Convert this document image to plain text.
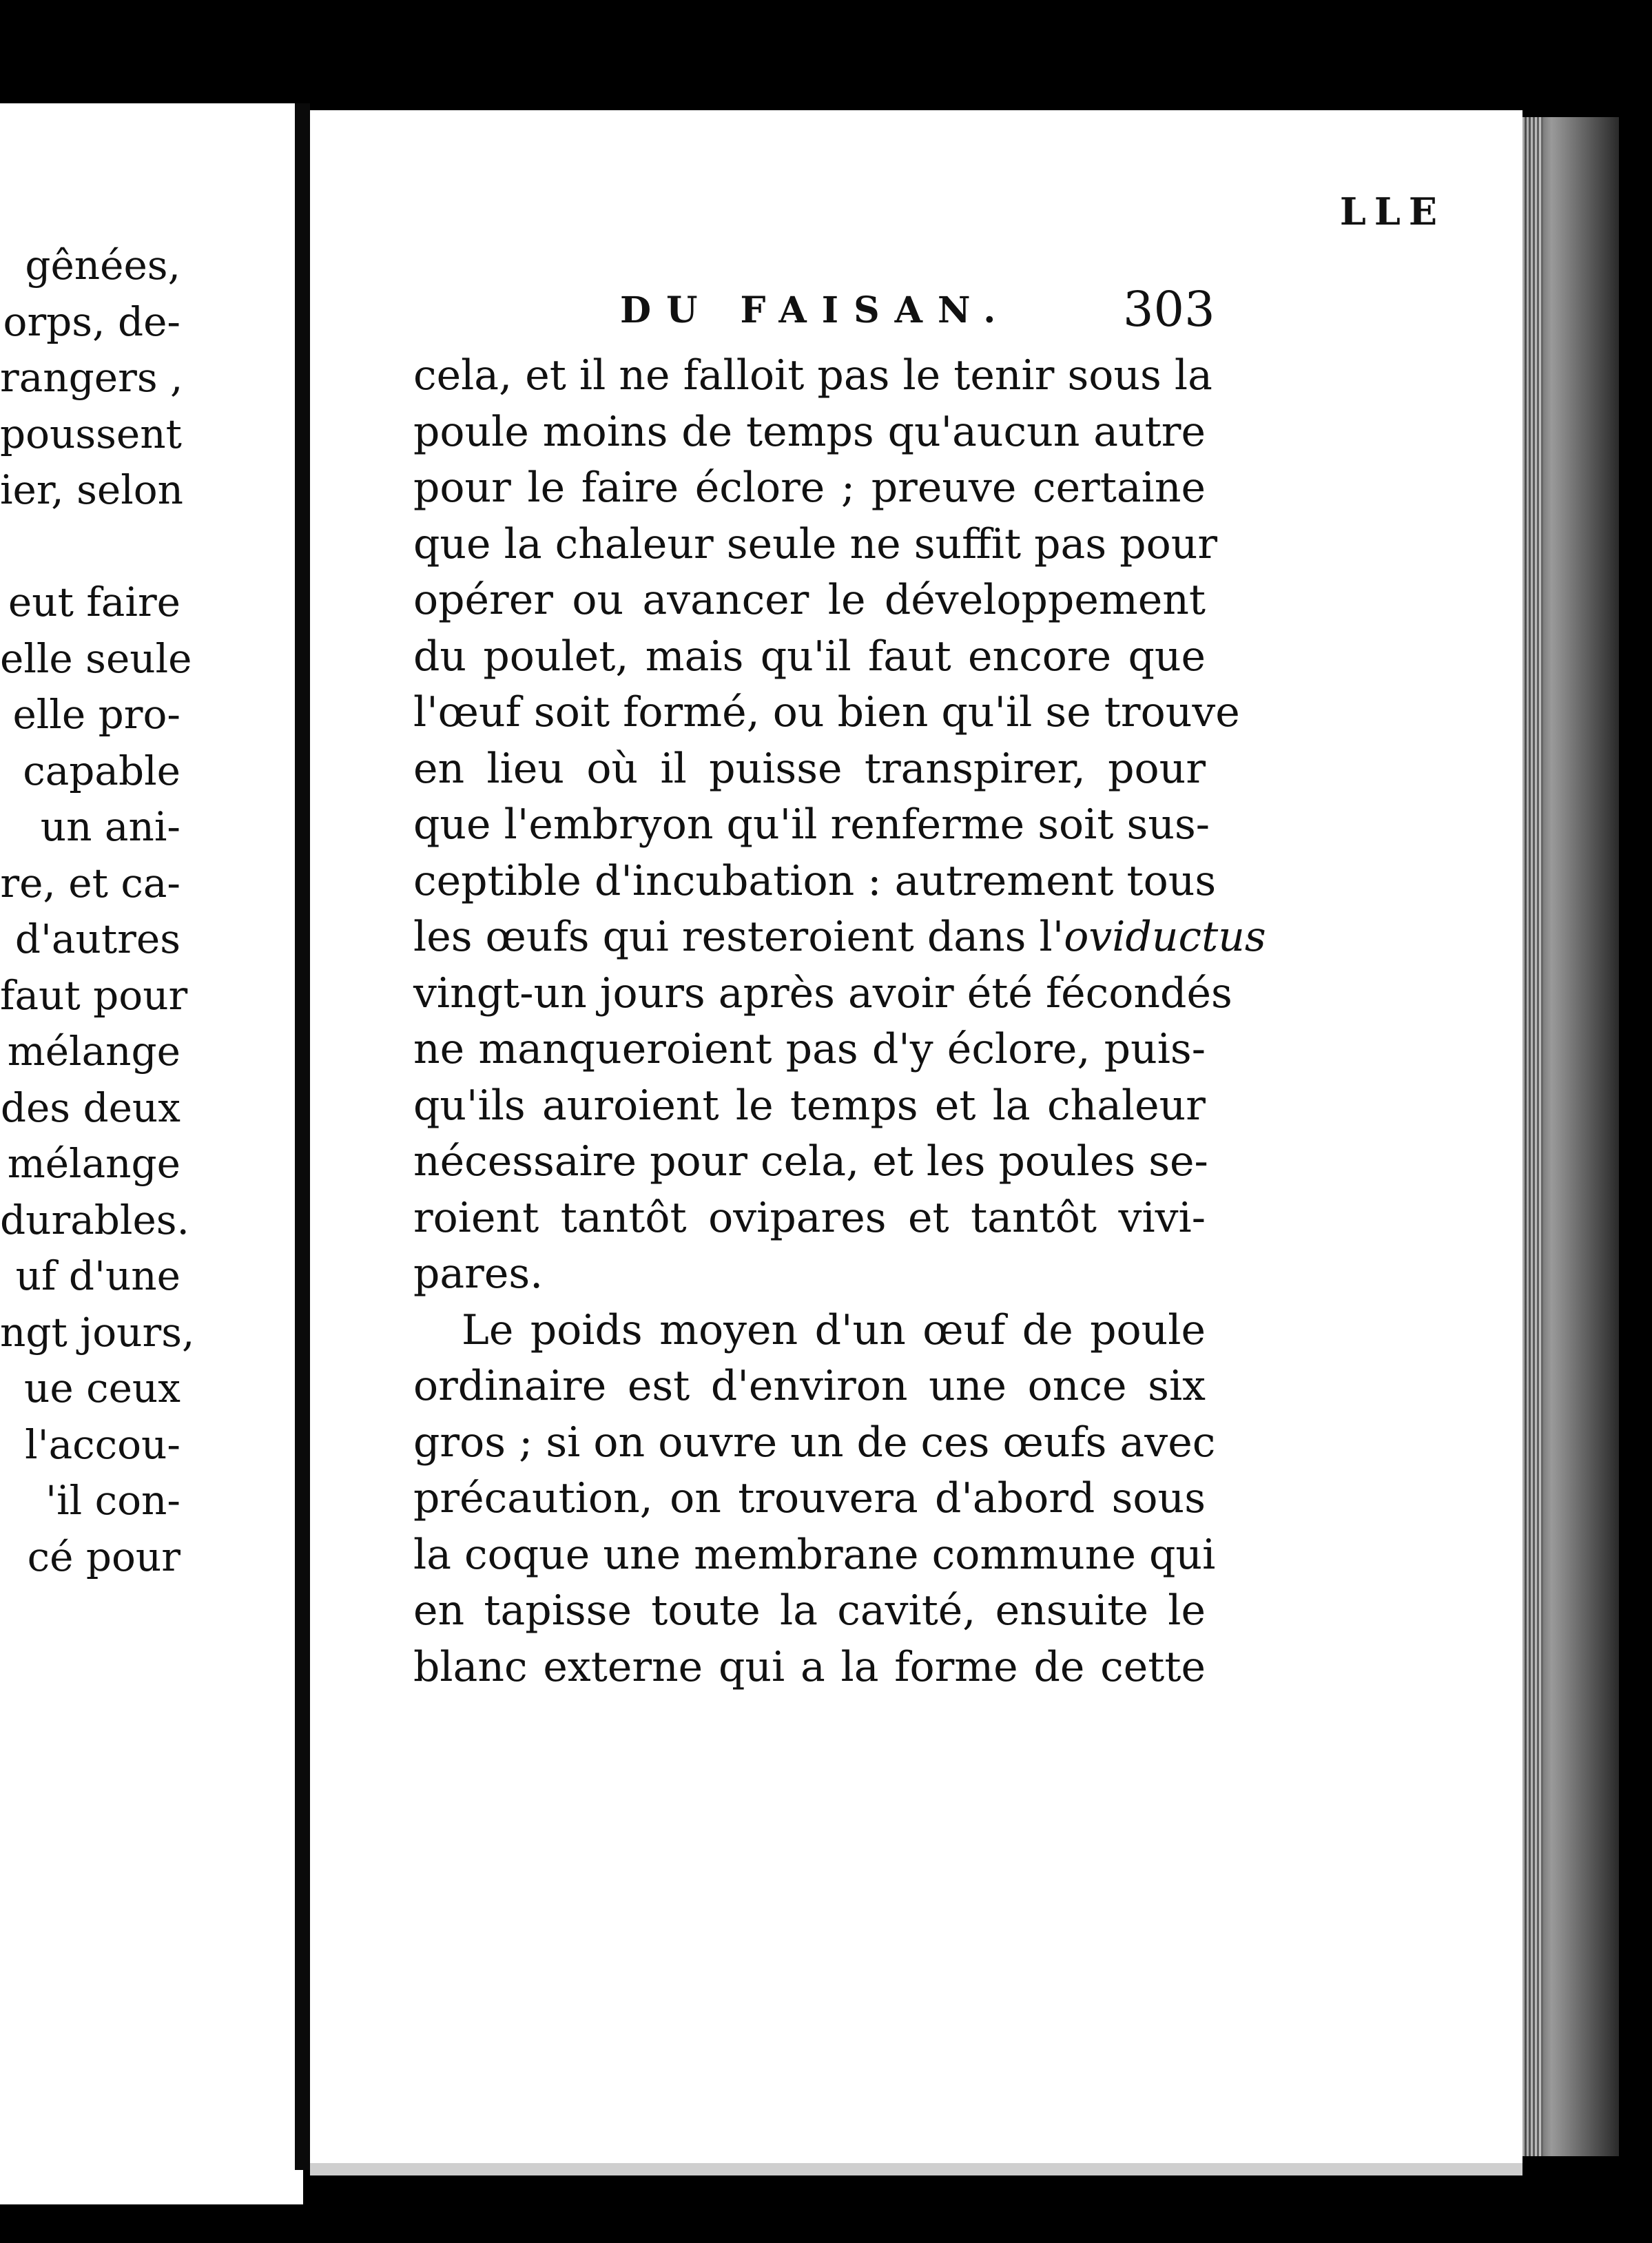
LLE
gênées,
orps, de-
rangers ,
poussent
ier, selon
eut faire
elle seule
elle pro-
capable
un ani-
re, et ca-
d'autres
faut pour
mélange
des deux
mélange
durables.
uf d'une
ngt jours,
ue ceux
l'accou-
'il con-
cé pour
DU FAISAN. 303
cela, et il ne falloit pas le tenir sous la
poule moins de temps qu'aucun autre
pour le faire éclore ; preuve certaine
que la chaleur seule ne suffit pas pour
opérer ou avancer le développement
du poulet, mais qu'il faut encore que
l'œuf soit formé, ou bien qu'il se trouve
en lieu où il puisse transpirer, pour
que l'embryon qu'il renferme soit sus-
ceptible d'incubation : autrement tous
les œufs qui resteroient dans l'oviductus
vingt-un jours après avoir été fécondés
ne manqueroient pas d'y éclore, puis-
qu'ils auroient le temps et la chaleur
nécessaire pour cela, et les poules se-
roient tantôt ovipares et tantôt vivi-
pares.
Le poids moyen d'un œuf de poule
ordinaire est d'environ une once six
gros ; si on ouvre un de ces œufs avec
précaution, on trouvera d'abord sous
la coque une membrane commune qui
en tapisse toute la cavité, ensuite le
blanc externe qui a la forme de cette
